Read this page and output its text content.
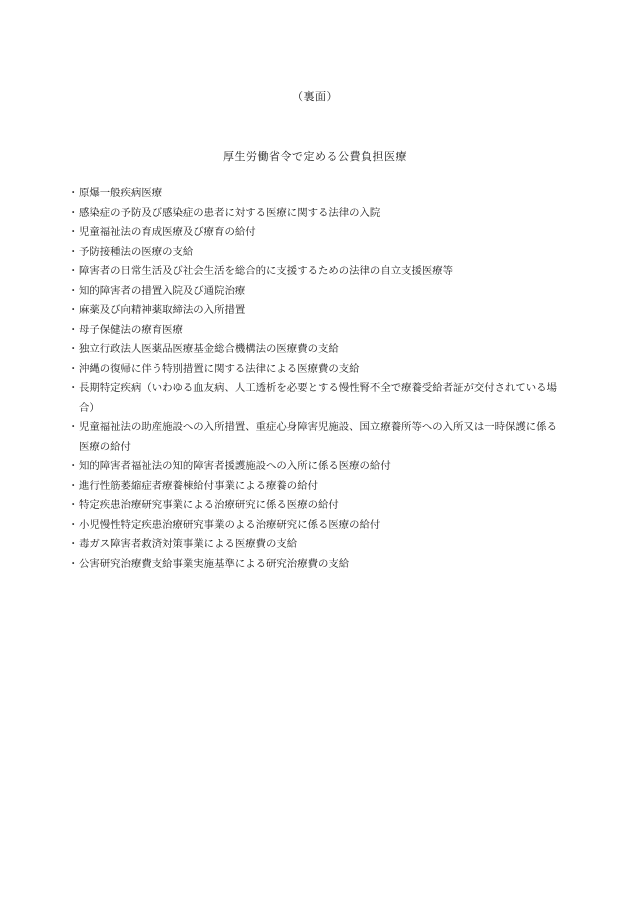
（裏面）
厚生労働省令で定める公費負担医療
・ 原爆一般疾病医療
・ 感染症の予防及び感染症の患者に対する医療に関する法律の入院
・ 児童福祉法の育成医療及び療育の給付
・ 予防接種法の医療の支給
・ 障害者の日常生活及び社会生活を総合的に支援するための法律の自立支援医療等
・ 知的障害者の措置入院及び通院治療
・ 麻薬及び向精神薬取締法の入所措置
・ 母子保健法の療育医療
・ 独立行政法人医薬品医療基金総合機構法の医療費の支給
・ 沖縄の復帰に伴う特別措置に関する法律による医療費の支給
・ 長期特定疾病（いわゆる血友病、人工透析を必要とする慢性腎不全で療養受給者証が交付されている場合）
・ 児童福祉法の助産施設への入所措置、重症心身障害児施設、国立療養所等への入所又は一時保護に係る医療の給付
・ 知的障害者福祉法の知的障害者援護施設への入所に係る医療の給付
・ 進行性筋萎縮症者療養棟給付事業による療養の給付
・ 特定疾患治療研究事業による治療研究に係る医療の給付
・ 小児慢性特定疾患治療研究事業のよる治療研究に係る医療の給付
・ 毒ガス障害者救済対策事業による医療費の支給
・ 公害研究治療費支給事業実施基準による研究治療費の支給
